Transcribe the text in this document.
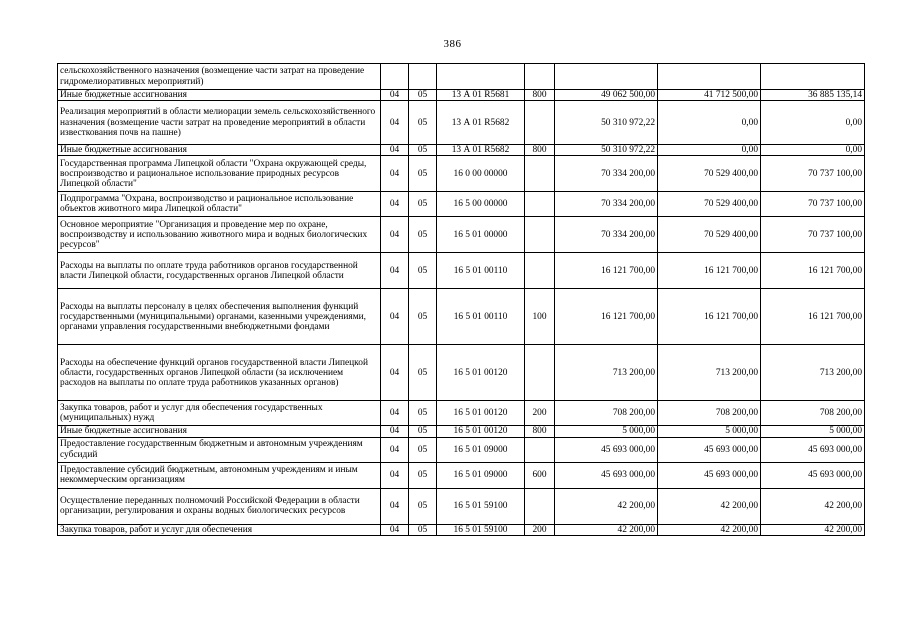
386
сельскохозяйственного назначения (возмещение части затрат на проведение гидромелиоративных мероприятий)							
Иные бюджетные ассигнования	04	05	13 А 01 R5681	800	49 062 500,00	41 712 500,00	36 885 135,14
Реализация мероприятий в области мелиорации земель сельскохозяйственного назначения (возмещение части затрат на проведение мероприятий в области известкования почв на пашне)	04	05	13 А 01 R5682		50 310 972,22	0,00	0,00
Иные бюджетные ассигнования	04	05	13 А 01 R5682	800	50 310 972,22	0,00	0,00
Государственная программа Липецкой области "Охрана окружающей среды, воспроизводство и рациональное использование природных ресурсов Липецкой области"	04	05	16 0 00 00000		70 334 200,00	70 529 400,00	70 737 100,00
Подпрограмма "Охрана, воспроизводство и рациональное использование объектов животного мира Липецкой области"	04	05	16 5 00 00000		70 334 200,00	70 529 400,00	70 737 100,00
Основное мероприятие "Организация и проведение мер по охране, воспроизводству и использованию животного мира и водных биологических ресурсов"	04	05	16 5 01 00000		70 334 200,00	70 529 400,00	70 737 100,00
Расходы на выплаты по оплате труда работников органов государственной власти Липецкой области, государственных органов Липецкой области	04	05	16 5 01 00110		16 121 700,00	16 121 700,00	16 121 700,00
Расходы на выплаты персоналу в целях обеспечения выполнения функций государственными (муниципальными) органами, казенными учреждениями, органами управления государственными внебюджетными фондами	04	05	16 5 01 00110	100	16 121 700,00	16 121 700,00	16 121 700,00
Расходы на обеспечение функций органов государственной власти Липецкой области, государственных органов Липецкой области (за исключением расходов на выплаты по оплате труда работников указанных органов)	04	05	16 5 01 00120		713 200,00	713 200,00	713 200,00
Закупка товаров, работ и услуг для обеспечения государственных (муниципальных) нужд	04	05	16 5 01 00120	200	708 200,00	708 200,00	708 200,00
Иные бюджетные ассигнования	04	05	16 5 01 00120	800	5 000,00	5 000,00	5 000,00
Предоставление государственным бюджетным и автономным учреждениям субсидий	04	05	16 5 01 09000		45 693 000,00	45 693 000,00	45 693 000,00
Предоставление субсидий бюджетным, автономным учреждениям и иным некоммерческим организациям	04	05	16 5 01 09000	600	45 693 000,00	45 693 000,00	45 693 000,00
Осуществление переданных полномочий Российской Федерации в области организации, регулирования и охраны водных биологических ресурсов	04	05	16 5 01 59100		42 200,00	42 200,00	42 200,00
Закупка товаров, работ и услуг для обеспечения	04	05	16 5 01 59100	200	42 200,00	42 200,00	42 200,00
